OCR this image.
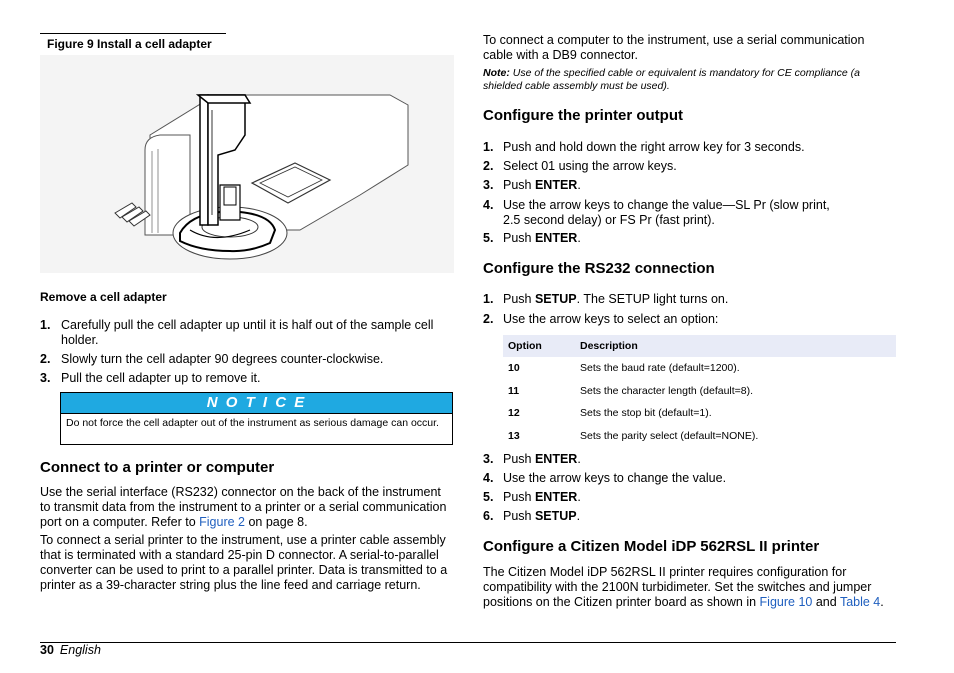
Figure 9 Install a cell adapter
Remove a cell adapter
1. Carefully pull the cell adapter up until it is half out of the sample cell holder.
2. Slowly turn the cell adapter 90 degrees counter-clockwise.
3. Pull the cell adapter up to remove it.
N O T I C E
Do not force the cell adapter out of the instrument as serious damage can occur.
Connect to a printer or computer
Use the serial interface (RS232) connector on the back of the instrument to transmit data from the instrument to a printer or a serial communication port on a computer. Refer to Figure 2 on page 8.
To connect a serial printer to the instrument, use a printer cable assembly that is terminated with a standard 25-pin D connector. A serial-to-parallel converter can be used to print to a parallel printer. Data is transmitted to a printer as a 39-character string plus the line feed and carriage return.
To connect a computer to the instrument, use a serial communication cable with a DB9 connector.
Note: Use of the specified cable or equivalent is mandatory for CE compliance (a shielded cable assembly must be used).
Configure the printer output
1. Push and hold down the right arrow key for 3 seconds.
2. Select 01 using the arrow keys.
3. Push ENTER.
4. Use the arrow keys to change the value—SL Pr (slow print, 2.5 second delay) or FS Pr (fast print).
5. Push ENTER.
Configure the RS232 connection
1. Push SETUP. The SETUP light turns on.
2. Use the arrow keys to select an option:
Option	Description
10	Sets the baud rate (default=1200).
11	Sets the character length (default=8).
12	Sets the stop bit (default=1).
13	Sets the parity select (default=NONE).
3. Push ENTER.
4. Use the arrow keys to change the value.
5. Push ENTER.
6. Push SETUP.
Configure a Citizen Model iDP 562RSL II printer
The Citizen Model iDP 562RSL II printer requires configuration for compatibility with the 2100N turbidimeter. Set the switches and jumper positions on the Citizen printer board as shown in Figure 10 and Table 4.
30 English
